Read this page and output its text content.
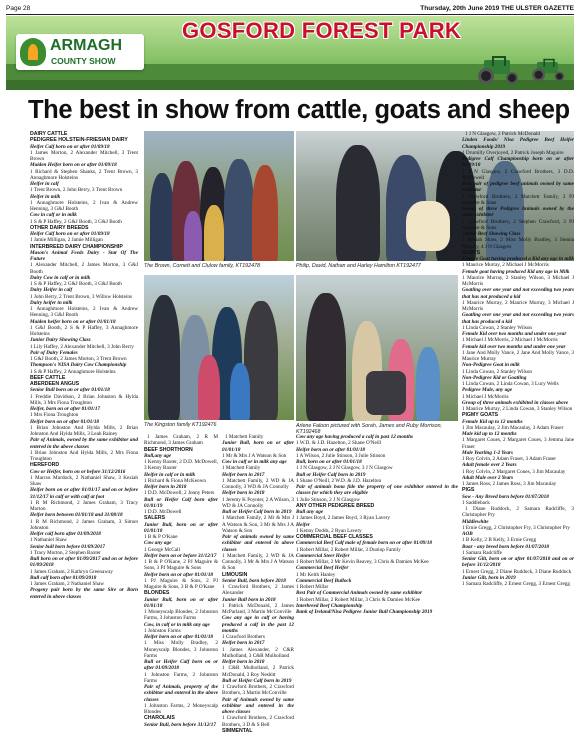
Page 28	Thursday, 20th June 2019 THE ULSTER GAZETTE
GOSFORD FOREST PARK
ARMAGH
COUNTY SHOW
The best in show from cattle, goats and sheep
The Brown, Cornett and Clulow family, KT192478	Philip, David, Nathan and Harley Hamilton KT192477
The Kingston family KT192476	Arlene Faloon pictured with Sorah, James and Ruby Morrison, KT192468

DAIRY CATTLE

PEDIGREE HOLSTEIN-FRIESIAN DAIRY

Heifer Calf born on or after 01/09/18

1 James Morton, 2 Alexander Mitchell, 3 Trent Brown

Maiden Heifer born on or after 01/09/18

1 Richard & Stephen Shanks, 2 Trent Brown, 3 Annaghmore Holsteins

Heifer in calf

1 Trent Brown, 2 John Berry, 3 Trent Brown

Heifer in milk

1 Annaghmore Holsteins, 2 Ivan & Andrew Henning, 3 G&J Booth

Cow in calf or in milk

1 S & P Haffey, 2 G&J Booth, 3 G&J Booth

OTHER DAIRY BREEDS

Heifer Calf born on or after 01/09/18

1 Jamie Milligan, 2 Jamie Milligan

INTERBREED DAIRY CHAMPIONSHIP

Mason's Animal Feeds Dairy - Star Of The Future

1 Alexander Mitchell, 2 James Morton, 3 G&J Booth

Dairy Cow in calf or in milk

1 S & P Haffey, 2 G&J Booth, 3 G&J Booth

Dairy Heifer in calf

1 John Berry, 2 Trent Brown, 3 Willow Holsteins

Dairy heifer in milk

1 Annaghmore Holsteins, 2 Ivan & Andrew Henning, 3 G&J Booth

Maiden heifer born on or after 01/01/18

1 G&J Booth, 2 S & P Haffey, 3 Annaghmore Holsteins

Junior Dairy Showing Class

1 Lily Haffey, 2 Alexander Mitchell, 3 John Berry

Pair of Dairy Females

1 G&J Booth, 2 James Morton, 3 Trent Brown

Thompson's NISA Dairy Cow Championship

1 S & P Haffey, 2 Annaghmore Holsteins

BEEF CATTLE

ABERDEEN ANGUS

Senior Bull born on or after 01/01/18

1 Freddie Davidson, 2 Brian Johnston & Hylda Mills, 3 Mrs Fiona Troughton

Heifer, born on or after 01/01/17

1 Mrs Fiona Troughton

Heifer born on or after 01/01/18

1 Brian Johnston And Hylda Mills, 2 Brian Johnston And Hylda Mills, 3 Leah Rainey

Pair of Animals, owned by the same exhibitor and entered in the above classes

1 Brian Johnston And Hylda Mills, 2 Mrs Fiona Troughton

HEREFORD

Cow or Heifer, born on or before 31/12/2016

1 Marcus Murdock, 2 Nathaniel Shaw, 3 Keziah Shaw

Heifer born on or after 01/01/17 and on or before 31/12/17 in calf or with calf at foot

1 R M Richmond, 2 James Graham, 3 Tracy Morton

Heifer born between 01/01/18 and 31/08/18

1 R M Richmond, 2 James Graham, 3 Simon Johnston

Heifer calf born after 01/09/2018

1 Nathaniel Shaw

Senior bull born before 01/09/2017

1 Tracy Morton, 2 Stephen Baxter

Bull born on or after 01/09/2017 and on or before 01/09/2018

1 James Graham, 2 Kathryn Greenaway

Bull calf born after 01/09/2018

1 James Graham, 2 Nathaniel Shaw

Progeny pair born by the same Sire or Born entered in above classes

1 James Graham, 2 R M Richmond, 3 James Graham

BEEF SHORTHORN

Bull,any age

1 Kenny Baxter, 2 D.D. McDowell, 3 Kenny Baxter

Heifer in calf or in milk

1 Richard & Fiona McKeown

Heifer born in 2018

1 D.D. McDowell, 2 Jonny Peters

Bull or Heifer Calf born after 01/01/19

1 D.D. McDowell

SALERS

Junior Bull, born on or after 01/01/18

1 B & P O'Kane

Cow any age

1 George McCall

Heifer born on or before 31/12/17

1 B & P O'Kane, 2 PJ Maguire & Sons, 3 PJ Maguire & Sons

Heifer born on or after 01/01/18

1 PJ Maguire & Sons, 2 PJ Maguire & Sons, 3 B & P O'Kane

BLONDES

Junior Bull, born on or after 01/01/18

1 Moneyscalp Blondes, 2 Johnston Farms, 3 Johnston Farms

Cow, in calf or in milk any age

1 Johnston Farms

Heifer born on or after 01/01/18

1 Miss Molly Bradley, 2 Moneyscalp Blondes, 3 Johnston Farms

Bull or Heifer Calf born on or after 01/09/2018

1 Johnston Farms, 2 Johnston Farms

Pair of Animals, property of the exhibitor and entered in the above classes

1 Johnston Farms, 2 Moneyscalp Blondes

CHAROLAIS

Senior Bull, born before 31/12/17

1 Matchett Family

Junior Bull, born on or after 01/01/18

1 Mr & Mrs J A Watson & Son

Cow in calf or in milk any age

1 Matchett Family

Heifer born in 2017

1 Matchett Family, 2 WD & JA Connolly, 3 WD & JA Connolly

Heifer born in 2018

1 Jeremy K Poynter, 2 A Wilson, 3 WD & JA Connolly

Bull or Heifer Calf born in 2019

1 Matchett Family, 2 Mr & Mrs J A Watson & Son, 3 Mr & Mrs J A Watson & Son

Pair of animals owned by same exhibitor and entered in above classes

1 Matchett Family, 2 WD & JA Connolly, 3 Mr & Mrs J A Watson & Son

LIMOUSIN

Senior Bull, born before 2018

1 Crawford Brothers, 2 James Alexander

Junior Bull born in 2018

1 Patrick McDonald, 2 James McParland, 3 Martin McConville

Cow any age in calf or having produced a calf in the past 12 months

1 Crawford Brothers

Heifer born in 2017

1 James Alexander, 2 C&R Mulholland, 3 C&R Mulholland

Heifer born in 2018

1 C&R Mulholland, 2 Patrick McDonald, 3 Roy Nesbitt

Bull or Heifer Calf born in 2019

1 Crawford Brothers, 2 Crawford Brothers, 3 Martin McConville

Pair of Animals owned by same exhibitor and entered in the above classes

1 Crawford Brothers, 2 Crawford Brothers, 3 D & S Bell

SIMMENTAL

Cow any age having produced a calf in past 12 months

1 W.D. & J.D. Hazelton, 2 Shane O'Neill

Heifer born on or after 01/01/18

1 A Wilson, 2 Julie Stinson, 3 Julie Stinson

Bull, born on or after 01/01/18

1 J N Glasgow, 2 J N Glasgow, 3 J N Glasgow

Bull or Heifer Calf born in 2019

1 Shane O'Neill, 2 W.D. & J.D. Hazelton

Pair of animals bona fide the property of one exhibitor entered in the classes for which they are eligible

1 Julie Stinson, 2 J N Glasgow

ANY OTHER PEDIGREE BREED

Bull any age

1 James Boyd, 2 James Boyd, 3 Ryan Lavery

Heifer

1 Kenny Dodds, 2 Ryan Lavery

COMMERCIAL BEEF CLASSES

Commercial Beef Calf male of female born on or after 01/09/18

1 Robert Millar, 2 Robert Millar, 3 Dunlop Family

Commercial Steer Heifer

1 Robert Millar, 2 Mr Kevin Reavey, 3 Chris & Damien McKee

Commercial Beef Heifer

1 Mr Keith Hanley

Commercial Beef Bullock

1 Robert Millar

Best Pair of Commercial Animals owned by same exhibitor

1 Robert Millar, 2 Robert Millar, 3 Chris & Damien McKee

Interbreed Beef Championship

Bank of Ireland/Nisa Pedigree Junior Bull Championship 2019

1 J N Glasgow, 2 Patrick McDonald

Linden Foods/ Nisa Pedigree Beef Heifer Championship 2019

1 Drumilly Overjoyed, 2 Patrick Joseph Maguire

Pedigree Calf Championship born on or after 01/09/18

1 J N Glasgow, 2 Crawford Brothers, 3 D.D. McDowell

Best pair of pedigree beef animals owned by same exhibitor

1 Crawford Brothers, 2 Matchett Family, 3 PJ Maguire & Sons

Group of three Pedigree Animals owned by the same exhibitor

1 Crawford Brothers, 2 Stephen Crawford, 3 PJ Maguire & Sons

Junior Beef Showing Class

1 Keziah Shaw, 2 Miss Molly Bradley, 3 Sienna Murphy, 4 J N Glasgow

GOATS

Female Goat having produced a Kid any age in milk

1 Maurice Murray, 2 Michael J McMorris

Female goat having produced Kid any age in Milk

1 Maurice Murray, 2 Stanley Wilson, 3 Michael J McMorris

Goatling over one year and not exceeding two years that has not produced a kid

1 Maurice Murray, 2 Maurice Murray, 3 Michael J McMorris

Goatling over one year and not exceeding two years that has produced a kid

1 Linda Cowan, 2 Stanley Wilson

Female Kid over two months and under one year

1 Michael J McMorris, 2 Michael J McMorris

Female kid over two months and under one year

1 Jane And Molly Vance, 2 Jane And Molly Vance, 3 Maurice Murray

Non-Pedigree Goat in milk

1 Linda Cowan, 2 Stanley Wilson

Non-Pedigree Kid or Goatling

1 Linda Cowan, 2 Linda Cowan, 3 Lucy Wells

Pedigree Male, any age

1 Michael J McMorris

Group of three animals exhibited in classes above

1 Maurice Murray, 2 Linda Cowan, 3 Stanley Wilson

PIGMY GOATS

Female Kid up to 12 months

1 Jim Macaulay, 2 Jim Macaulay, 3 Adam Fraser

Male kid up to 12 months

1 Margaret Coues, 2 Margaret Coues, 3 Jemma Jane Fraser

Male Yearling 1-2 Years

1 Roy Colvin, 2 Adam Fraser, 3 Adam Fraser

Adult female over 2 Years

1 Roy Colvin, 2 Margaret Coues, 3 Jim Macaulay

Adult Male over 2 Years

1 James Ross, 2 James Ross, 3 Jim Macaulay

PIGS

Sow - Any Breed born before 01/07/2018

1 Saddleback

1 Diane Ruddock, 2 Samara Radcliffe, 3 Christopher Pry

Middlewhite

1 Ernie Gregg, 2 Christopher Fry, 3 Christopher Pry

AOB

1 B Kelly, 2 B Kelly, 3 Ernie Gregg

Boar - any breed born before 01/07/2018

1 Samara Radcliffe

Senior Gilt, born on or after 01/07/2018 and on or before 31/12/2018

1 Ernest Gregg, 2 Diane Ruddock, 3 Diane Ruddock

Junior Gilt, born in 2019

1 Samara Radcliffe, 2 Ernest Gregg, 3 Ernest Gregg
